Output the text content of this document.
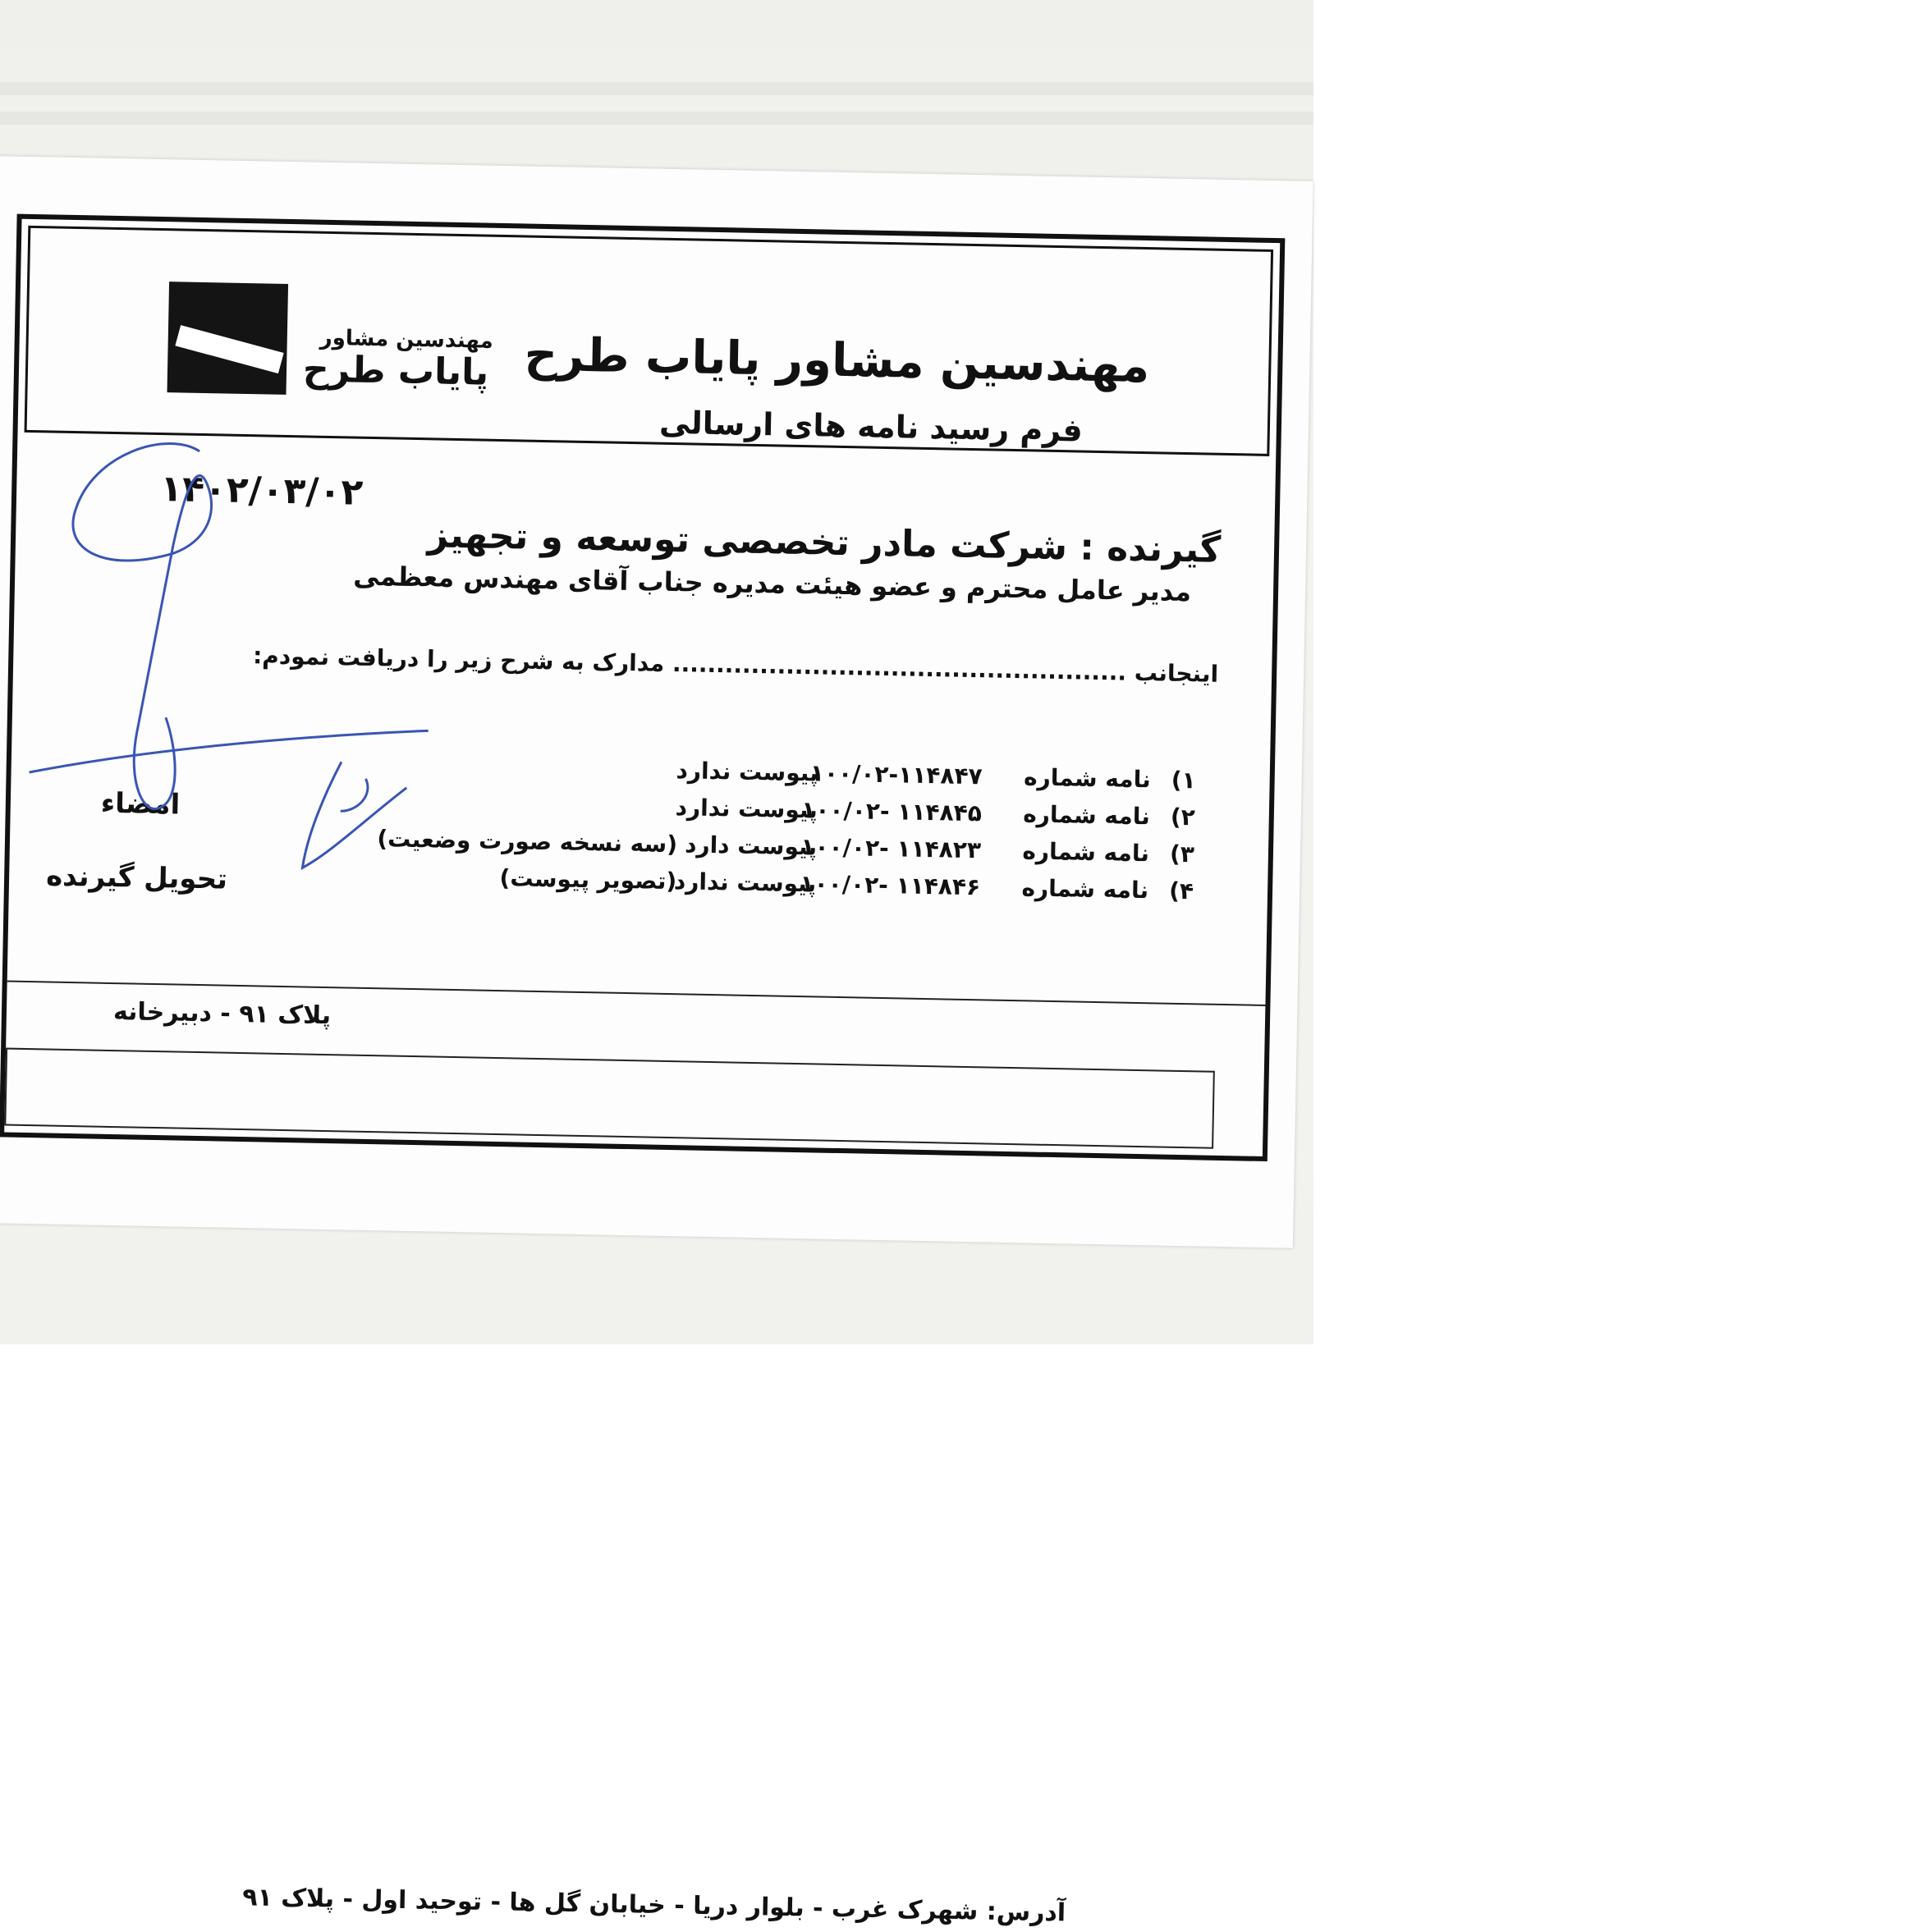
مهندسین مشاور
پایاب طرح مهندسین مشاور پایاب طرح
فرم رسید نامه های ارسالی
۱۴۰۲/۰۳/۰۲
گیرنده : شرکت مادر تخصصی توسعه و تجهیز
مدیر عامل محترم و عضو هیئت مدیره جناب آقای مهندس معظمی
اینجانب .................................................... مدارک به شرح زیر را دریافت نمودم:
۱)
نامه شماره
۱۰۰/۰۲-۱۱۴۸۴۷
پیوست ندارد
۲)
نامه شماره
۱۰۰/۰۲- ۱۱۴۸۴۵
پیوست ندارد
۳)
نامه شماره
۱۰۰/۰۲- ۱۱۴۸۲۳
پیوست دارد
(سه نسخه صورت وضعیت)
۴)
نامه شماره
۱۰۰/۰۲- ۱۱۴۸۴۶
پیوست ندارد
(تصویر پیوست)
امضاء
تحویل گیرنده
پلاک ۹۱ - دبیرخانه
آدرس: شهرک غرب - بلوار دریا - خیابان گل ها - توحید اول - پلاک ۹۱
